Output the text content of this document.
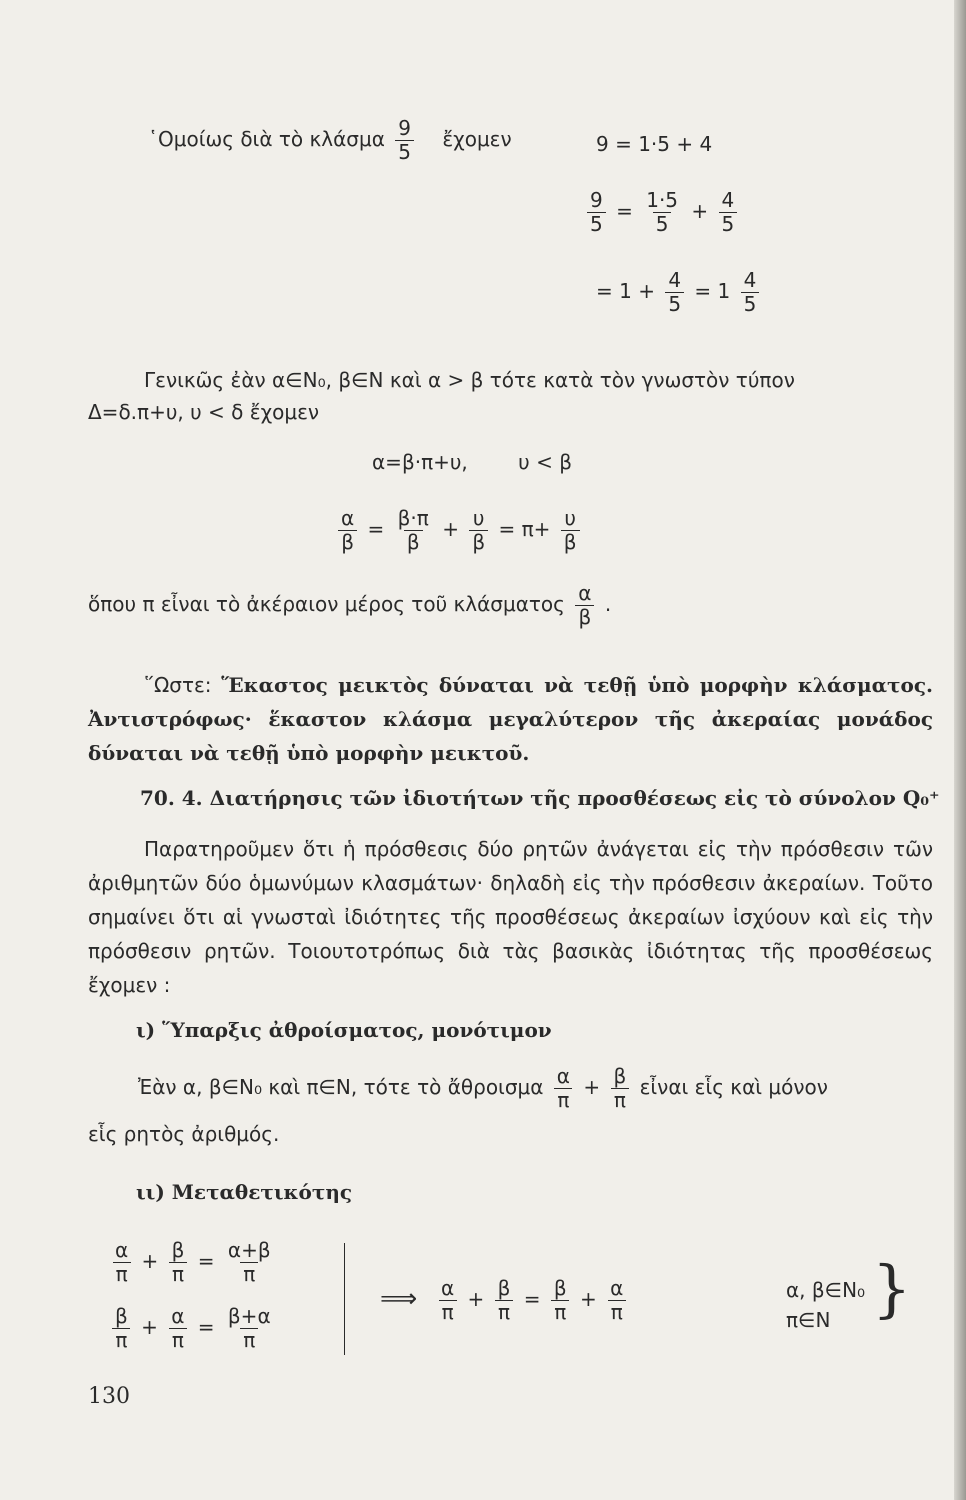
῾Ομοίως διὰ τὸ κλάσμα $\frac{9}{5}$ ἔχομεν	9 = 1·5 + 4
$\frac{9}{5} = \frac{1\cdot 5}{5} + \frac{4}{5}$
= $1 + \frac{4}{5} = 1 \frac{4}{5}$
Γενικῶς ἐὰν α∈N₀, β∈N καὶ α > β τότε κατὰ τὸν γνωστὸν τύπον
Δ=δ.π+υ, υ < δ ἔχομεν
α=β·π+υ,	υ < β
$\frac{\alpha}{\beta} = \frac{\beta\cdot\pi}{\beta} + \frac{\upsilon}{\beta} = \pi+ \frac{\upsilon}{\beta}$
ὅπου π εἶναι τὸ ἀκέραιον μέρος τοῦ κλάσματος $\frac{\alpha}{\beta}$ .

῞Ωστε: Ἕκαστος μεικτὸς δύναται νὰ τεθῇ ὑπὸ μορφὴν κλάσματος. Ἀντιστρόφως· ἕκαστον κλάσμα μεγαλύτερον τῆς ἀκεραίας μονάδος δύναται νὰ τεθῇ ὑπὸ μορφὴν μεικτοῦ.

70. 4. Διατήρησις τῶν ἰδιοτήτων τῆς προσθέσεως εἰς τὸ σύνολον Q₀⁺

Παρατηροῦμεν ὅτι ἡ πρόσθεσις δύο ρητῶν ἀνάγεται εἰς τὴν πρόσθεσιν τῶν ἀριθμητῶν δύο ὁμωνύμων κλασμάτων· δηλαδὴ εἰς τὴν πρόσθεσιν ἀκεραίων. Τοῦτο σημαίνει ὅτι αἱ γνωσταὶ ἰδιότητες τῆς προσθέσεως ἀκεραίων ἰσχύουν καὶ εἰς τὴν πρόσθεσιν ρητῶν. Τοιουτοτρόπως διὰ τὰς βασικὰς ἰδιότητας τῆς προσθέσεως ἔχομεν :

ι) Ὕπαρξις ἀθροίσματος, μονότιμον
Ἐὰν α, β∈N₀ καὶ π∈N, τότε τὸ ἄθροισμα $\frac{\alpha}{\pi} + \frac{\beta}{\pi}$ εἶναι εἷς καὶ μόνον
εἷς ρητὸς ἀριθμός.
ιι) Μεταθετικότης
$\frac{\alpha}{\pi} + \frac{\beta}{\pi} = \frac{\alpha+\beta}{\pi}$
$\frac{\beta}{\pi} + \frac{\alpha}{\pi} = \frac{\beta+\alpha}{\pi}$
⟹ $\frac{\alpha}{\pi} + \frac{\beta}{\pi} = \frac{\beta}{\pi} + \frac{\alpha}{\pi}$	α, β∈N₀
π∈N }
130
